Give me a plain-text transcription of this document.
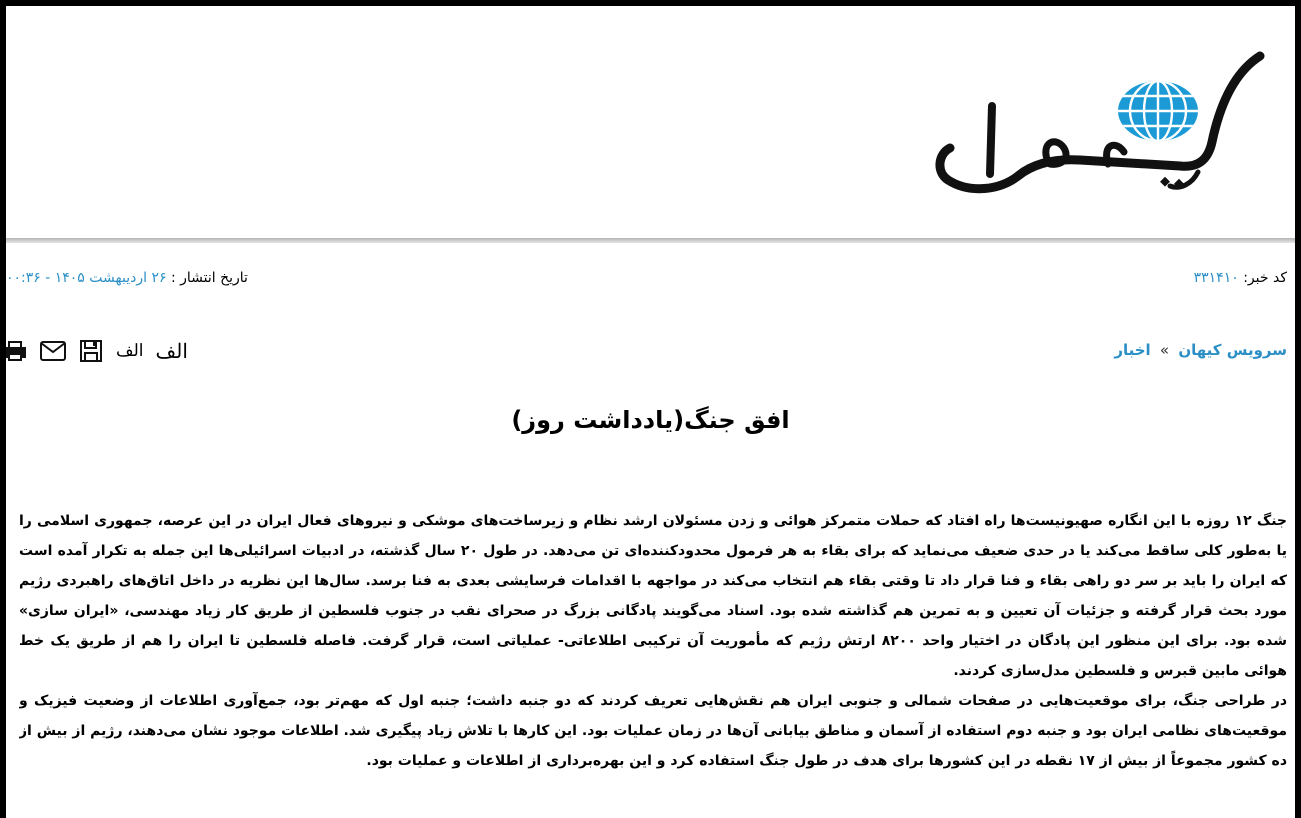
کد خبر: ۳۳۱۴۱۰
تاریخ انتشار : ۲۶ اردیبهشت ۱۴۰۵ - ۰۰:۳۶
الف الف	سرویس کیهان » اخبار
افق جنگ(یادداشت روز)

جنگ ۱۲ روزه با این انگاره صهیونیست‌ها راه افتاد که حملات متمرکز هوائی و زدن مسئولان ارشد نظام و زیرساخت‌های موشکی و نیروهای فعال ایران در این عرصه، جمهوری اسلامی را یا به‌طور کلی ساقط می‌کند یا در حدی ضعیف می‌نماید که برای بقاء به هر فرمول محدودکننده‌ای تن می‌دهد. در طول ۲۰ سال گذشته، در ادبیات اسرائیلی‌ها این جمله به تکرار آمده است که ایران را باید بر سر دو راهی بقاء و فنا قرار داد تا وقتی بقاء هم انتخاب می‌کند در مواجهه با اقدامات فرسایشی بعدی به فنا برسد. سال‌ها این نظریه در داخل اتاق‌های راهبردی رژیم مورد بحث قرار گرفته و جزئیات آن تعیین و به تمرین هم گذاشته شده بود. اسناد می‌گویند پادگانی بزرگ در صحرای نقب در جنوب فلسطین از طریق کار زیاد مهندسی، «ایران سازی» شده بود. برای این منظور این پادگان در اختیار واحد ۸۲۰۰ ارتش رژیم که مأموریت آن ترکیبی اطلاعاتی- عملیاتی است، قرار گرفت. فاصله فلسطین تا ایران را هم از طریق یک خط هوائی مابین قبرس و فلسطین مدل‌سازی کردند.

در طراحی جنگ، برای موقعیت‌هایی در صفحات شمالی و جنوبی ایران هم نقش‌هایی تعریف کردند که دو جنبه داشت؛ جنبه اول که مهم‌تر بود، جمع‌آوری اطلاعات از وضعیت فیزیک و موقعیت‌های نظامی ایران بود و جنبه دوم استفاده از آسمان و مناطق بیابانی آن‌ها در زمان عملیات بود. این کارها با تلاش زیاد پیگیری شد. اطلاعات موجود نشان می‌دهند، رژیم از بیش از ده کشور مجموعاً از بیش از ۱۷ نقطه در این کشورها برای هدف در طول جنگ استفاده کرد و این بهره‌برداری از اطلاعات و عملیات بود.
